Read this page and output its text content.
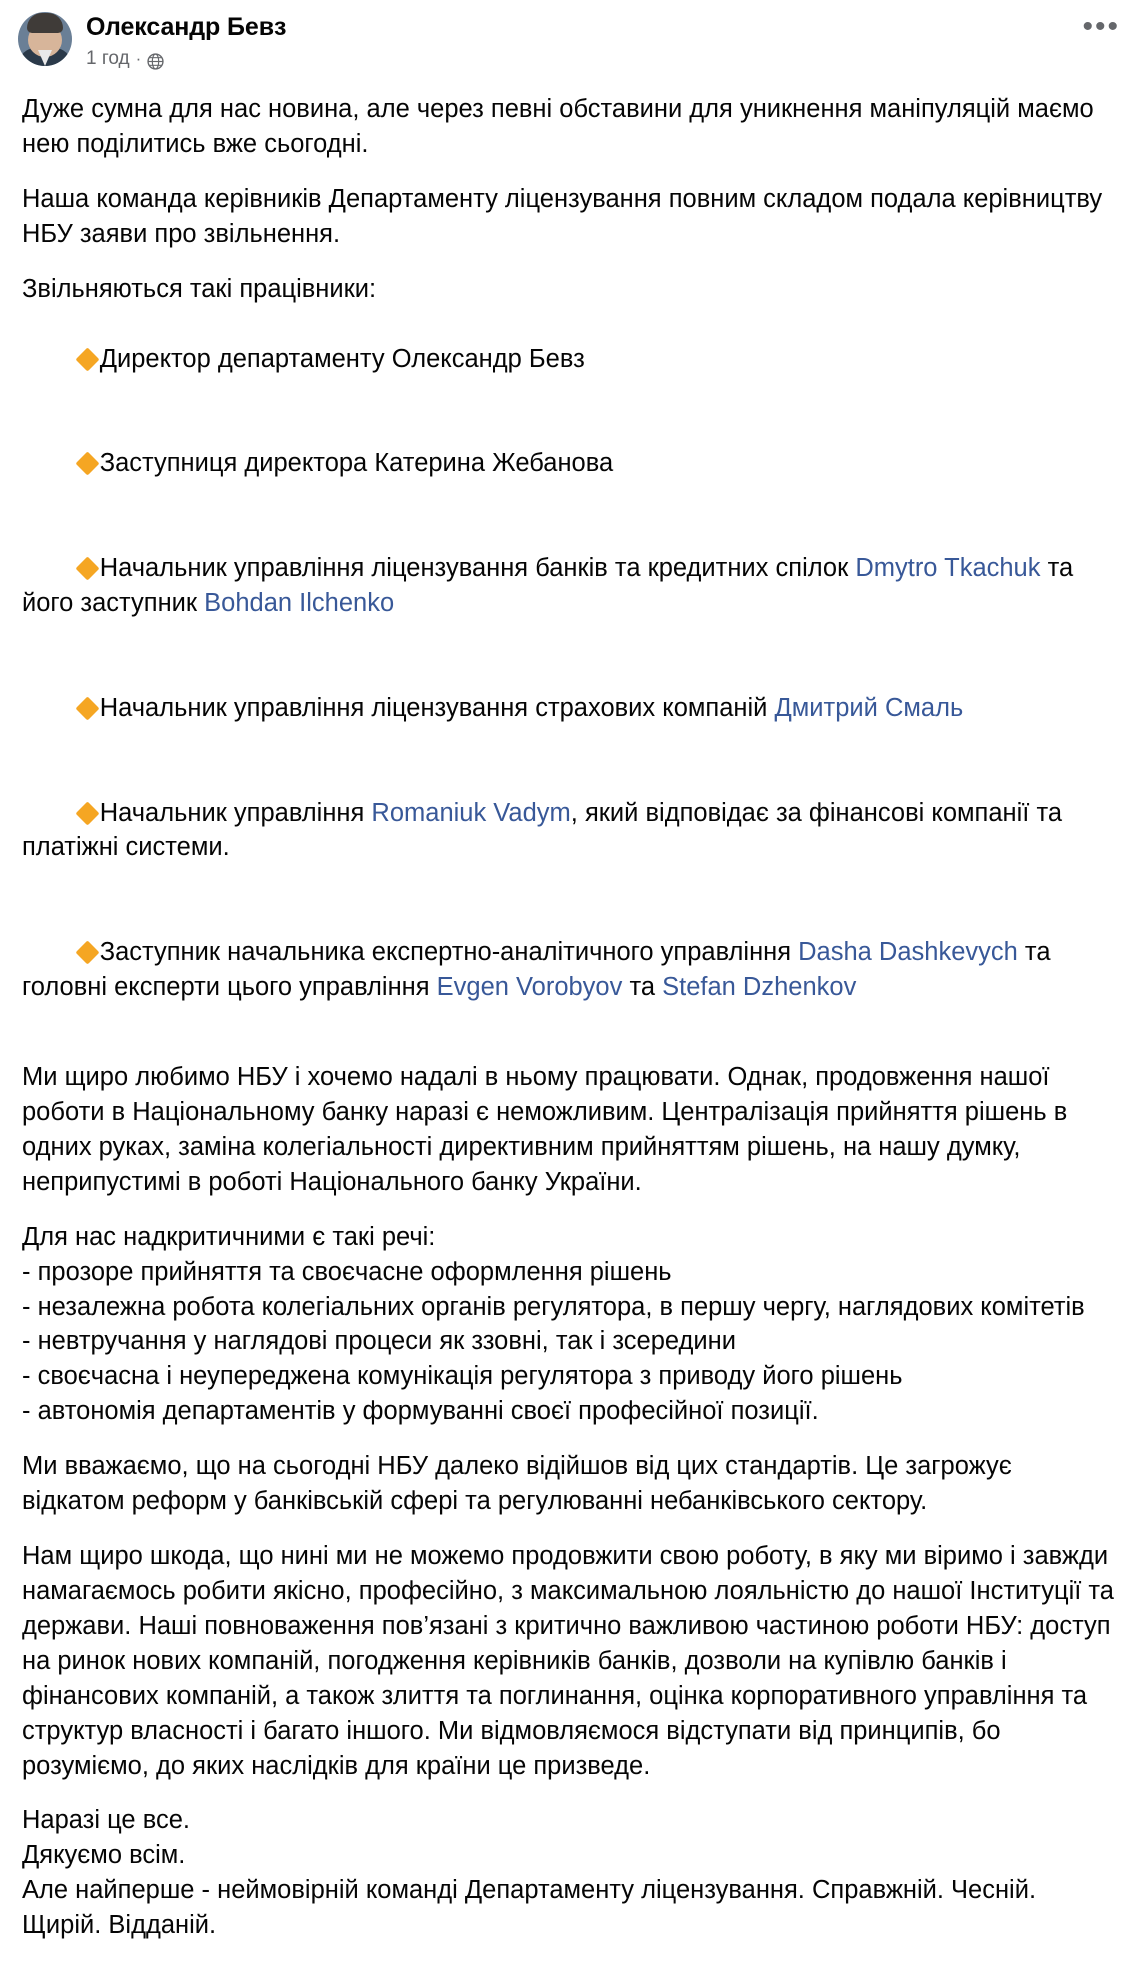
Олександр Бевз
1 год ·
•••

Дуже сумна для нас новина, але через певні обставини для уникнення маніпуляцій маємо нею поділитись вже сьогодні.

Наша команда керівників Департаменту ліцензування повним складом подала керівництву НБУ заяви про звільнення.

Звільняються такі працівники:

Директор департаменту Олександр Бевз

Заступниця директора Катерина Жебанова

Начальник управління ліцензування банків та кредитних спілок Dmytro Tkachuk та його заступник Bohdan Ilchenko

Начальник управління ліцензування страхових компаній Дмитрий Смаль

Начальник управління Romaniuk Vadym, який відповідає за фінансові компанії та платіжні системи.

Заступник начальника експертно-аналітичного управління Dasha Dashkevych та головні експерти цього управління Evgen Vorobyov та Stefan Dzhenkov

Ми щиро любимо НБУ і хочемо надалі в ньому працювати. Однак, продовження нашої роботи в Національному банку наразі є неможливим. Централізація прийняття рішень в одних руках, заміна колегіальності директивним прийняттям рішень, на нашу думку, неприпустимі в роботі Національного банку України.

Для нас надкритичними є такі речі:

- прозоре прийняття та своєчасне оформлення рішень

- незалежна робота колегіальних органів регулятора, в першу чергу, наглядових комітетів

- невтручання у наглядові процеси як ззовні, так і зсередини

- своєчасна і неупереджена комунікація регулятора з приводу його рішень

- автономія департаментів у формуванні своєї професійної позиції.

Ми вважаємо, що на сьогодні НБУ далеко відійшов від цих стандартів. Це загрожує відкатом реформ у банківській сфері та регулюванні небанківського сектору.

Нам щиро шкода, що нині ми не можемо продовжити свою роботу, в яку ми віримо і завжди намагаємось робити якісно, професійно, з максимальною лояльністю до нашої Інституції та держави. Наші повноваження пов’язані з критично важливою частиною роботи НБУ: доступ на ринок нових компаній, погодження керівників банків, дозволи на купівлю банків і фінансових компаній, а також злиття та поглинання, оцінка корпоративного управління та структур власності і багато іншого. Ми відмовляємося відступати від принципів, бо розуміємо, до яких наслідків для країни це призведе.

Наразі це все.

Дякуємо всім.

Але найперше - неймовірній команді Департаменту ліцензування. Справжній. Чесній. Щирій. Відданій.
